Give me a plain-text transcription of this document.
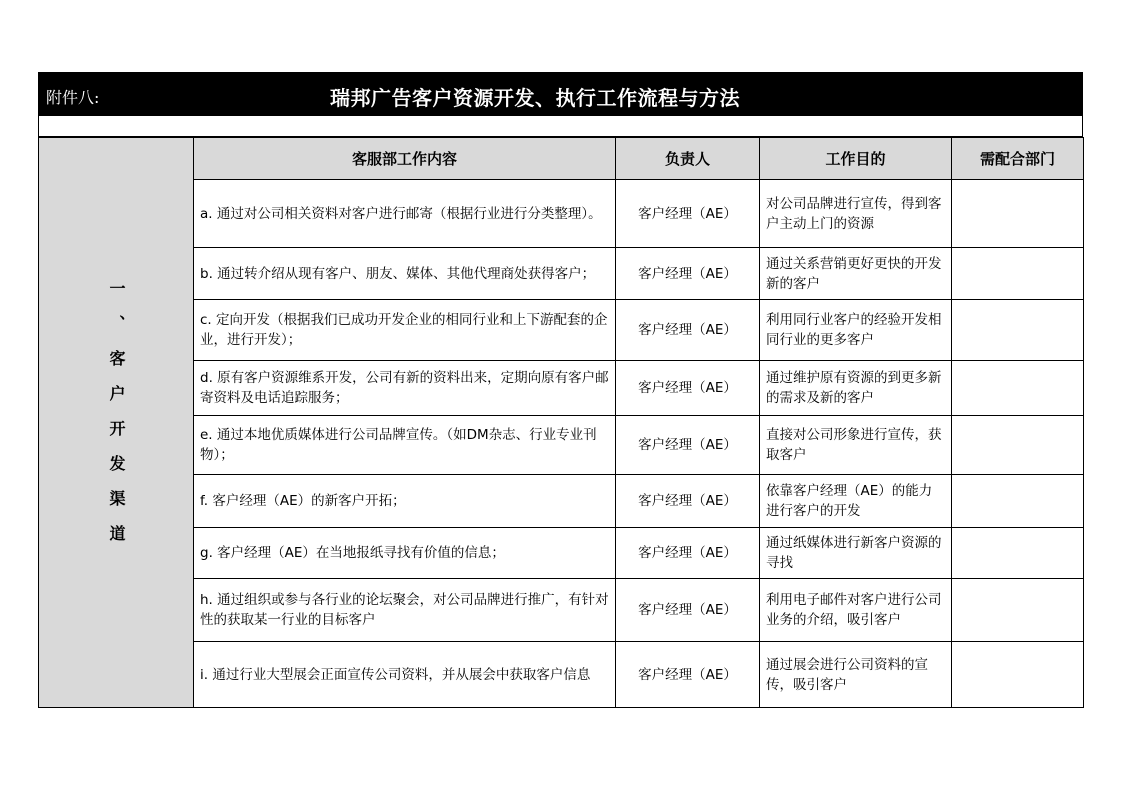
附件八:	瑞邦广告客户资源开发、执行工作流程与方法
一、客户开发渠道	客服部工作内容	负责人	工作目的	需配合部门
	a. 通过对公司相关资料对客户进行邮寄（根据行业进行分类整理）。	客户经理（AE）	对公司品牌进行宣传，得到客户主动上门的资源	
	b. 通过转介绍从现有客户、朋友、媒体、其他代理商处获得客户；	客户经理（AE）	通过关系营销更好更快的开发新的客户	
	c. 定向开发（根据我们已成功开发企业的相同行业和上下游配套的企业，进行开发）；	客户经理（AE）	利用同行业客户的经验开发相同行业的更多客户	
	d. 原有客户资源维系开发，公司有新的资料出来，定期向原有客户邮寄资料及电话追踪服务；	客户经理（AE）	通过维护原有资源的到更多新的需求及新的客户	
	e. 通过本地优质媒体进行公司品牌宣传。（如DM杂志、行业专业刊物）；	客户经理（AE）	直接对公司形象进行宣传，获取客户	
	f. 客户经理（AE）的新客户开拓；	客户经理（AE）	依靠客户经理（AE）的能力进行客户的开发	
	g. 客户经理（AE）在当地报纸寻找有价值的信息；	客户经理（AE）	通过纸媒体进行新客户资源的寻找	
	h. 通过组织或参与各行业的论坛聚会，对公司品牌进行推广，有针对性的获取某一行业的目标客户	客户经理（AE）	利用电子邮件对客户进行公司业务的介绍，吸引客户	
	i. 通过行业大型展会正面宣传公司资料，并从展会中获取客户信息	客户经理（AE）	通过展会进行公司资料的宣传，吸引客户	
